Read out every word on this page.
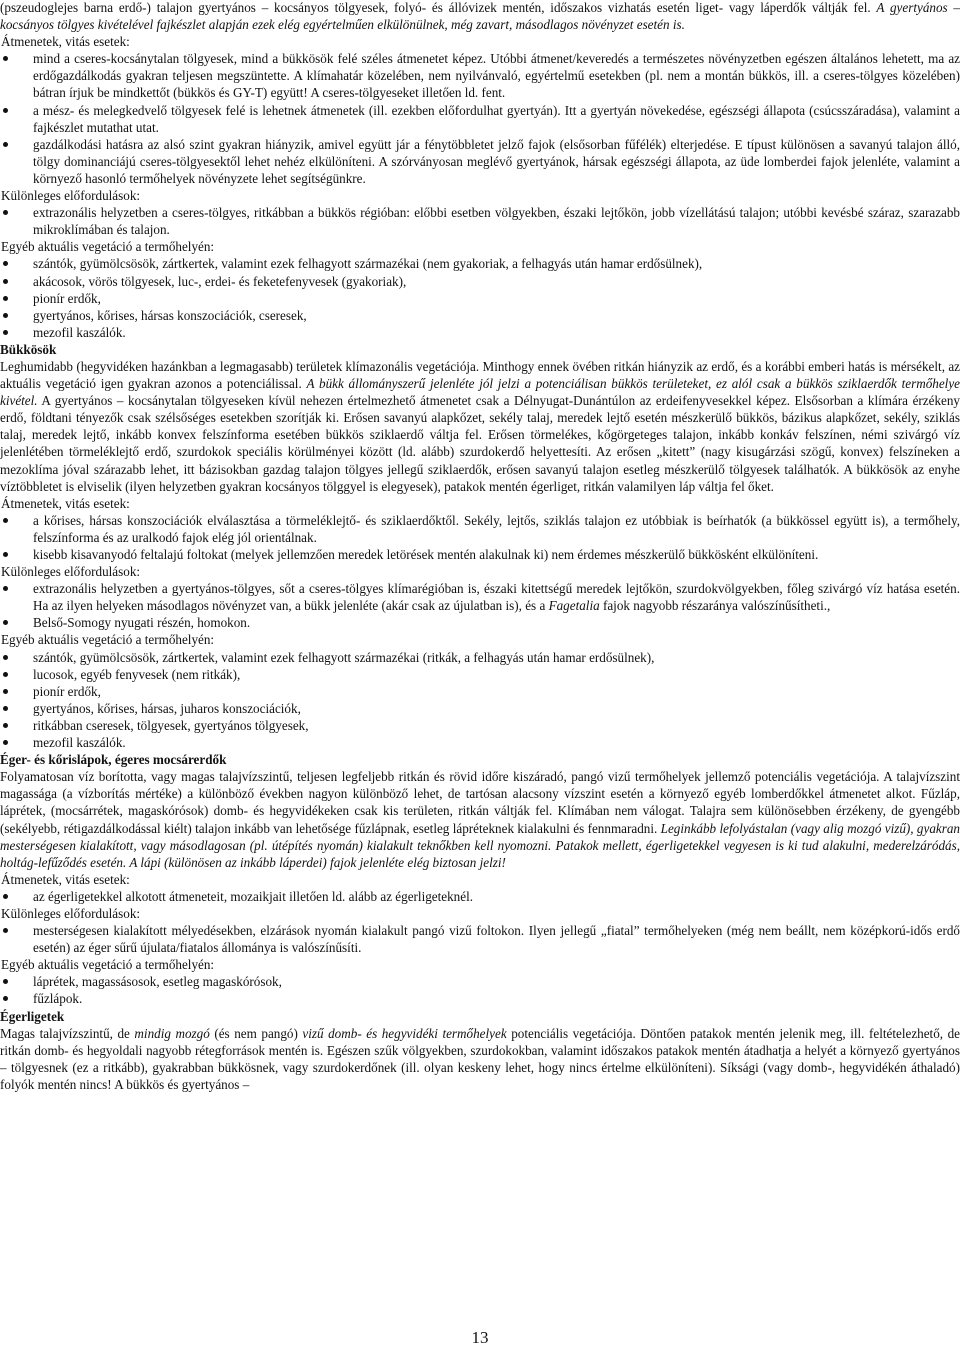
(pszeudoglejes barna erdő-) talajon gyertyános – kocsányos tölgyesek, folyó- és állóvizek mentén, időszakos vizhatás esetén liget- vagy láperdők váltják fel. A gyertyános – kocsányos tölgyes kivételével fajkészlet alapján ezek elég egyértelműen elkülönülnek, még zavart, másodlagos növényzet esetén is.

Átmenetek, vitás esetek:

mind a cseres-kocsánytalan tölgyesek, mind a bükkösök felé széles átmenetet képez. Utóbbi átmenet/keveredés a természetes növényzetben egészen általános lehetett, ma az erdőgazdálkodás gyakran teljesen megszüntette. A klímahatár közelében, nem nyilvánvaló, egyértelmű esetekben (pl. nem a montán bükkös, ill. a cseres-tölgyes közelében) bátran írjuk be mindkettőt (bükkös és GY-T) együtt! A cseres-tölgyeseket illetően ld. fent.
a mész- és melegkedvelő tölgyesek felé is lehetnek átmenetek (ill. ezekben előfordulhat gyertyán). Itt a gyertyán növekedése, egészségi állapota (csúcsszáradása), valamint a fajkészlet mutathat utat.
gazdálkodási hatásra az alsó szint gyakran hiányzik, amivel együtt jár a fénytöbbletet jelző fajok (elsősorban fűfélék) elterjedése. E típust különösen a savanyú talajon álló, tölgy dominanciájú cseres-tölgyesektől lehet nehéz elkülöníteni. A szórványosan meglévő gyertyánok, hársak egészségi állapota, az üde lomberdei fajok jelenléte, valamint a környező hasonló termőhelyek növényzete lehet segítségünkre.

Különleges előfordulások:

extrazonális helyzetben a cseres-tölgyes, ritkábban a bükkös régióban: előbbi esetben völgyekben, északi lejtőkön, jobb vízellátású talajon; utóbbi kevésbé száraz, szarazabb mikroklímában és talajon.

Egyéb aktuális vegetáció a termőhelyén:

szántók, gyümölcsösök, zártkertek, valamint ezek felhagyott származékai (nem gyakoriak, a felhagyás után hamar erdősülnek),
akácosok, vörös tölgyesek, luc-, erdei- és feketefenyvesek (gyakoriak),
pionír erdők,
gyertyános, kőrises, hársas konszociációk, cseresek,
mezofil kaszálók.

Bükkösök

Leghumidabb (hegyvidéken hazánkban a legmagasabb) területek klímazonális vegetációja. Minthogy ennek övében ritkán hiányzik az erdő, és a korábbi emberi hatás is mérsékelt, az aktuális vegetáció igen gyakran azonos a potenciálissal. A bükk állományszerű jelenléte jól jelzi a potenciálisan bükkös területeket, ez alól csak a bükkös sziklaerdők termőhelye kivétel. A gyertyános – kocsánytalan tölgyeseken kívül nehezen értelmezhető átmenetet csak a Délnyugat-Dunántúlon az erdeifenyvesekkel képez. Elsősorban a klímára érzékeny erdő, földtani tényezők csak szélsőséges esetekben szorítják ki. Erősen savanyú alapkőzet, sekély talaj, meredek lejtő esetén mészkerülő bükkös, bázikus alapkőzet, sekély, sziklás talaj, meredek lejtő, inkább konvex felszínforma esetében bükkös sziklaerdő váltja fel. Erősen törmelékes, kőgörgeteges talajon, inkább konkáv felszínen, némi szivárgó víz jelenlétében törmeléklejtő erdő, szurdokok speciális körülményei között (ld. alább) szurdokerdő helyettesíti. Az erősen „kitett” (nagy kisugárzási szögű, konvex) felszíneken a mezoklíma jóval szárazabb lehet, itt bázisokban gazdag talajon tölgyes jellegű sziklaerdők, erősen savanyú talajon esetleg mészkerülő tölgyesek találhatók. A bükkösök az enyhe víztöbbletet is elviselik (ilyen helyzetben gyakran kocsányos tölggyel is elegyesek), patakok mentén égerliget, ritkán valamilyen láp váltja fel őket.

Átmenetek, vitás esetek:

a kőrises, hársas konszociációk elválasztása a törmeléklejtő- és sziklaerdőktől. Sekély, lejtős, sziklás talajon ez utóbbiak is beírhatók (a bükkössel együtt is), a termőhely, felszínforma és az uralkodó fajok elég jól orientálnak.
kisebb kisavanyodó feltalajú foltokat (melyek jellemzően meredek letörések mentén alakulnak ki) nem érdemes mészkerülő bükkösként elkülöníteni.

Különleges előfordulások:

extrazonális helyzetben a gyertyános-tölgyes, sőt a cseres-tölgyes klímarégióban is, északi kitettségű meredek lejtőkön, szurdokvölgyekben, főleg szivárgó víz hatása esetén. Ha az ilyen helyeken másodlagos növényzet van, a bükk jelenléte (akár csak az újulatban is), és a Fagetalia fajok nagyobb részaránya valószínűsítheti.,
Belső-Somogy nyugati részén, homokon.

Egyéb aktuális vegetáció a termőhelyén:

szántók, gyümölcsösök, zártkertek, valamint ezek felhagyott származékai (ritkák, a felhagyás után hamar erdősülnek),
lucosok, egyéb fenyvesek (nem ritkák),
pionír erdők,
gyertyános, kőrises, hársas, juharos konszociációk,
ritkábban cseresek, tölgyesek, gyertyános tölgyesek,
mezofil kaszálók.

Éger- és kőrisláp​ok, égeres mocsárerdők

Folyamatosan víz borította, vagy magas talajvízszintű, teljesen legfeljebb ritkán és rövid időre kiszáradó, pangó vizű termőhelyek jellemző potenciális vegetációja. A talajvízszint magassága (a vízborítás mértéke) a különböző években nagyon különböző lehet, de tartósan alacsony vízszint esetén a környező egyéb lomberdőkkel átmenetet alkot. Fűzláp, láprétek, (mocsárrétek, magaskórósok) domb- és hegyvidékeken csak kis területen, ritkán váltják fel. Klímában nem válogat. Talajra sem különösebben érzékeny, de gyengébb (sekélyebb, rétigazdálkodással kiélt) talajon inkább van lehetősége fűzlápnak, esetleg lápréteknek kialakulni és fennmaradni. Leginkább lefolyástalan (vagy alig mozgó vizű), gyakran mesterségesen kialakított, vagy másodlagosan (pl. útépítés nyomán) kialakult teknőkben kell nyomozni. Patakok mellett, égerligetekkel vegyesen is ki tud alakulni, mederelzáródás, holtág-lefűződés esetén. A lápi (különösen az inkább láperdei) fajok jelenléte elég biztosan jelzi!

Átmenetek, vitás esetek:

az égerligetekkel alkotott átmeneteit, mozaikjait illetően ld. alább az égerligeteknél.

Különleges előfordulások:

mesterségesen kialakított mélyedésekben, elzárások nyomán kialakult pangó vizű foltokon. Ilyen jellegű „fiatal” termőhelyeken (még nem beállt, nem középkorú-idős erdő esetén) az éger sűrű újulata/fiatalos állománya is valószínűsíti.

Egyéb aktuális vegetáció a termőhelyén:

láprétek, magassásosok, esetleg magaskórósok,
fűzlápok.

Égerligetek

Magas talajvízszintű, de mindig mozgó (és nem pangó) vizű domb- és hegyvidéki termőhelyek potenciális vegetációja. Döntően patakok mentén jelenik meg, ill. feltételezhető, de ritkán domb- és hegyoldali nagyobb rétegforrások mentén is. Egészen szűk völgyekben, szurdokokban, valamint időszakos patakok mentén átadhatja a helyét a környező gyertyános – tölgyesnek (ez a ritkább), gyakrabban bükkösnek, vagy szurdokerdőnek (ill. olyan keskeny lehet, hogy nincs értelme elkülöníteni). Síksági (vagy domb-, hegyvidékén áthaladó) folyók mentén nincs! A bükkös és gyertyános –

13
